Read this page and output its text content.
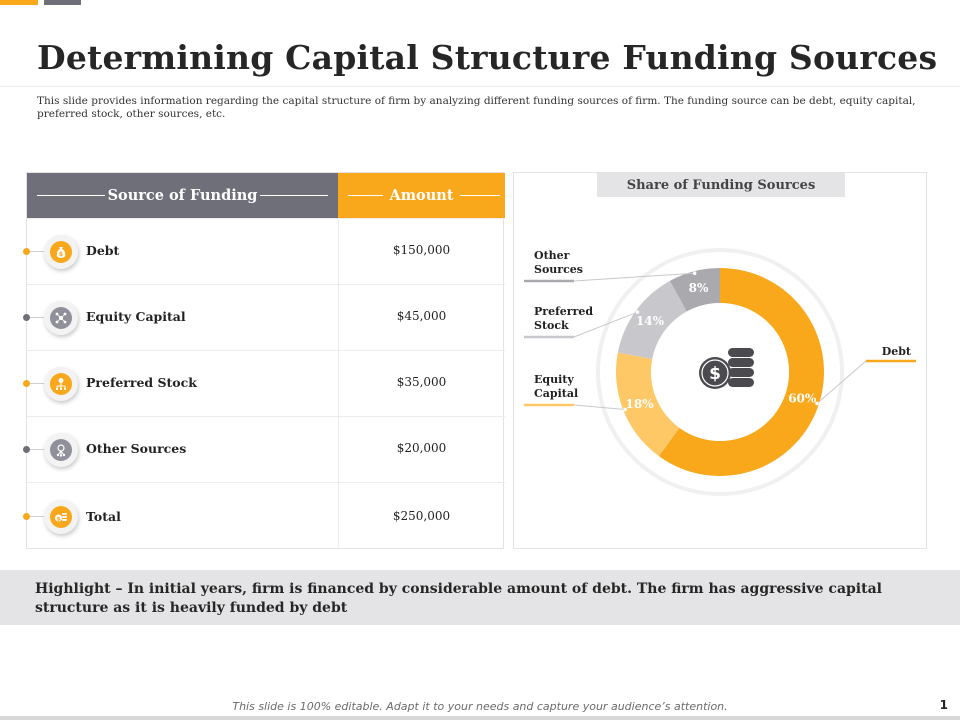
Determining Capital Structure Funding Sources

This slide provides information regarding the capital structure of firm by analyzing different funding sources of firm. The funding source can be debt, equity capital, preferred stock, other sources, etc.

Source of Funding	Amount
$ Debt	$150,000
Equity Capital	$45,000
Preferred Stock	$35,000
Other Sources	$20,000
$ Total	$250,000
Share of Funding Sources
Debt
Equity Capital
Preferred Stock
Other Sources
60%
18%
14%
8%
$
Highlight – In initial years, firm is financed by considerable amount of debt. The firm has aggressive capital structure as it is heavily funded by debt
This slide is 100% editable. Adapt it to your needs and capture your audience’s attention.	1
